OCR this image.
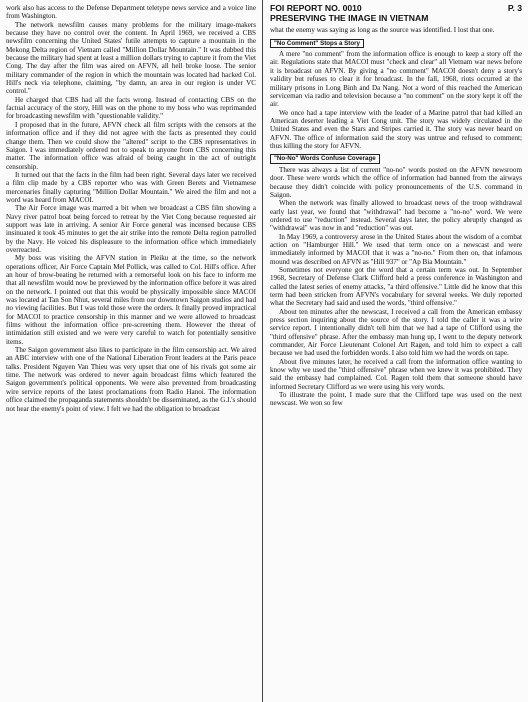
work also has access to the Defense Department teletype news service and a voice line from Washington.

The network newsfilm causes many problems for the military image-makers because they have no control over the content. In April 1969, we received a CBS newsfilm concerning the United States' futile attempts to capture a mountain in the Mekong Delta region of Vietnam called "Million Dollar Mountain." It was dubbed this because the military had spent at least a million dollars trying to capture it from the Viet Cong. The day after the film was aired on AFVN, all hell broke loose. The senior military commander of the region in which the mountain was located had hacked Col. Hill's neck via telephone, claiming, "by damn, an area in our region is under VC control."

He charged that CBS had all the facts wrong. Instead of contacting CBS on the factual accuracy of the story, Hill was on the phone to my boss who was reprimanded for broadcasting newsfilm with "questionable validity."

I proposed that in the future, AFVN check all film scripts with the censors at the information office and if they did not agree with the facts as presented they could change them. Then we could show the "altered" script to the CBS representatives in Saigon. I was immediately ordered not to speak to anyone from CBS concerning this matter. The information office was afraid of being caught in the act of outright censorship.

It turned out that the facts in the film had been right. Several days later we received a film clip made by a CBS reporter who was with Green Berets and Vietnamese mercenaries finally capturing "Million Dollar Mountain." We aired the film and not a word was heard from MACOI.

The Air Force image was marred a bit when we broadcast a CBS film showing a Navy river patrol boat being forced to retreat by the Viet Cong because requested air support was late in arriving. A senior Air Force general was incensed because CBS insinuated it took 45 minutes to get the air strike into the remote Delta region patrolled by the Navy. He voiced his displeasure to the information office which immediately overreacted.

My boss was visiting the AFVN station in Pleiku at the time, so the network operations officer, Air Force Captain Mel Pollick, was called to Col. Hill's office. After an hour of brow-beating he returned with a remorseful look on his face to inform me that all newsfilm would now be previewed by the information office before it was aired on the network. I pointed out that this would be physically impossible since MACOI was located at Tan Son Nhut, several miles from our downtown Saigon studios and had no viewing facilities. But I was told those were the orders. It finally proved impractical for MACOI to practice censorship in this manner and we were allowed to broadcast films without the information office pre-screening them. However the threat of intimidation still existed and we were very careful to watch for potentially sensitive items.

The Saigon government also likes to participate in the film censorship act. We aired an ABC interview with one of the National Liberation Front leaders at the Paris peace talks. President Nguyen Van Thieu was very upset that one of his rivals got some air time. The network was ordered to never again broadcast films which featured the Saigon government's political opponents. We were also prevented from broadcasting wire service reports of the latest proclamations from Radio Hanoi. The information office claimed the propaganda statements shouldn't be disseminated, as the G.I.'s should not hear the enemy's point of view. I felt we had the obligation to broadcast

FOI REPORT NO. 0010	P. 3
PRESERVING THE IMAGE IN VIETNAM

what the enemy was saying as long as the source was identified. I lost that one.

"No Comment" Stops a Story

A mere "no comment" from the information office is enough to keep a story off the air. Regulations state that MACOI must "check and clear" all Vietnam war news before it is broadcast on AFVN. By giving a "no comment" MACOI doesn't deny a story's validity but refuses to clear it for broadcast. In the fall, 1968, riots occurred at the military prisons in Long Binh and Da Nang. Not a word of this reached the American serviceman via radio and television because a "no comment" on the story kept it off the air.

We once had a tape interview with the leader of a Marine patrol that had killed an American deserter leading a Viet Cong unit. The story was widely circulated in the United States and even the Stars and Stripes carried it. The story was never heard on AFVN. The office of information said the story was untrue and refused to comment; thus killing the story for AFVN.

"No-No" Words Confuse Coverage

There was always a list of current "no-no" words posted on the AFVN newsroom door. These were words which the office of information had banned from the airways because they didn't coincide with policy pronouncements of the U.S. command in Saigon.

When the network was finally allowed to broadcast news of the troop withdrawal early last year, we found that "withdrawal" had become a "no-no" word. We were ordered to use "reduction" instead. Several days later, the policy abruptly changed as "withdrawal" was now in and "reduction" was out.

In May 1969, a controversy arose in the United States about the wisdom of a combat action on "Hamburger Hill." We used that term once on a newscast and were immediately informed by MACOI that it was a "no-no." From then on, that infamous mound was described on AFVN as "Hill 937" or "Ap Bia Mountain."

Sometimes not everyone got the word that a certain term was out. In September 1968, Secretary of Defense Clark Clifford held a press conference in Washington and called the latest series of enemy attacks, "a third offensive." Little did he know that this term had been stricken from AFVN's vocabulary for several weeks. We duly reported what the Secretary had said and used the words, "third offensive."

About ten minutes after the newscast, I received a call from the American embassy press section inquiring about the source of the story. I told the caller it was a wire service report. I intentionally didn't tell him that we had a tape of Clifford using the "third offensive" phrase. After the embassy man hung up, I went to the deputy network commander, Air Force Lieutenant Colonel Art Ragen, and told him to expect a call because we had used the forbidden words. I also told him we had the words on tape.

About five minutes later, he received a call from the information office wanting to know why we used the "third offensive" phrase when we knew it was prohibited. They said the embassy had complained. Col. Ragen told them that someone should have informed Secretary Clifford as we were using his very words.

To illustrate the point, I made sure that the Clifford tape was used on the next newscast. We won so few
